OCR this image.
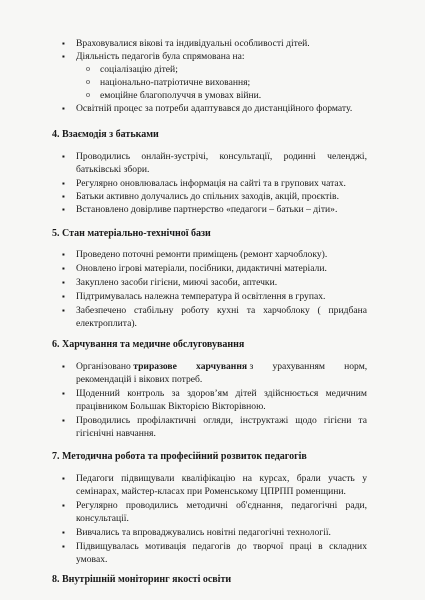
▪ Враховувалися вікові та індивідуальні особливості дітей.
▪ Діяльність педагогів була спрямована на:
o соціалізацію дітей;
o національно-патріотичне виховання;
o емоційне благополуччя в умовах війни.
▪ Освітній процес за потреби адаптувався до дистанційного формату.
4. Взаємодія з батьками
▪ Проводились онлайн-зустрічі, консультації, родинні челенджі,
батьківські збори.
▪ Регулярно оновлювалась інформація на сайті та в групових чатах.
▪ Батьки активно долучались до спільних заходів, акцій, проєктів.
▪ Встановлено довірливе партнерство «педагоги – батьки – діти».
5. Стан матеріально-технічної бази
▪ Проведено поточні ремонти приміщень (ремонт харчоблоку).
▪ Оновлено ігрові матеріали, посібники, дидактичні матеріали.
▪ Закуплено засоби гігієни, миючі засоби, аптечки.
▪ Підтримувалась належна температура й освітлення в групах.
▪ Забезпечено стабільну роботу кухні та харчоблоку ( придбана
електроплита).
6. Харчування та медичне обслуговування
▪ Організовано триразове        харчування з        урахуванням        норм,
рекомендацій і вікових потреб.
▪ Щоденний контроль за здоров’ям дітей здійснюється медичним
працівником Большак Вікторією Вікторівною.
▪ Проводились профілактичні огляди, інструктажі щодо гігієни та
гігієнічні навчання.
7. Методична робота та професійний розвиток педагогів
▪ Педагоги підвищували кваліфікацію на курсах, брали участь у
семінарах, майстер-класах при Роменському ЦПРПП роменщини.
▪ Регулярно проводились методичні об'єднання, педагогічні ради,
консультації.
▪ Вивчались та впроваджувались новітні педагогічні технології.
▪ Підвищувалась мотивація педагогів до творчої праці в складних
умовах.
8. Внутрішній моніторинг якості освіти
